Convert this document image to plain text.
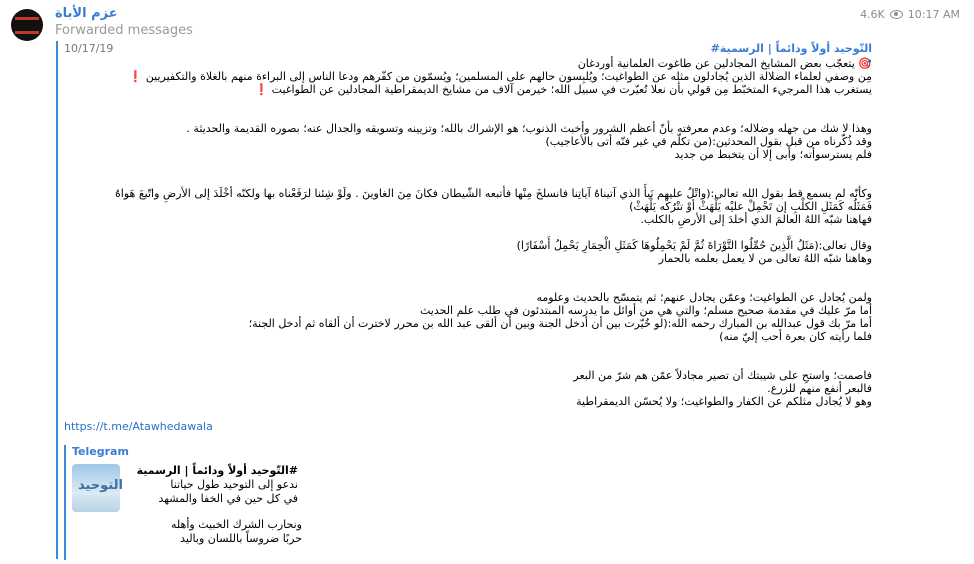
عزم الأباة
Forwarded messages
4.6K 10:17 AM
10/17/19	#التّوحيد أولاً ودائماً | الرسمية
🎯 يتعجّب بعض المشايخ المجادلين عن طاغوت العلمانية أوردغان
مِن وصفي لعلماء الضلالة الذين يُجادلون مثله عن الطواغيت؛ ويُلبِسون حالهم على المسلمين؛ ويُسمّون من كفّرهم ودعا الناس إلى البراءة منهم بالغلاة والتكفيريين ❗️
يستغرب هذا المرجيء المتخبّط مِن قولي بأن نعلا تُعيّرت في سبيل الله؛ خيرمن آلاف من مشايخ الديمقراطية المجادلين عن الطواغيت ❗️
وهذا لا شك من جهله وضلاله؛ وعدم معرفته بأنّ أعظم الشرور وأخبث الذنوب؛ هو الإشراك بالله؛ وتزيينه وتسويقه والجدال عنه؛ بصوره القديمة والحديثة .
وقد ذُكّرناه من قبل بقول المحدثين:(من تكلّم في غير فنّه أتى بالأعاجيب)
فلم يسترسوأته؛ وأبى إلا أن يتخبط من جديد
وكأنّه لم يسمع قط بقول الله تعالى:(واتْلُ عليهم نَبأَ الذي آتيناهُ آياتِنا فانسلخَ مِنْها فأتبعه الشّيطان فكانَ مِنَ الغاوينَ . ولَوْ شِئنا لرَفَعْناه بها ولكنّه أخْلَدَ إلى الأرضِ واتّبعَ هَواهُ
فَمَثَلُه كَمَثَلِ الكلْبِ إن تَحْمِلْ عليْه يَلْهَثْ أوْ تتْرُكْه يَلْهَثْ)
فهاهنا شبّه اللهُ العالمَ الذي أخلدَ إلى الأرضِ بالكلب.
وقال تعالى:(مَثَلُ الَّذِينَ حُمِّلُوا التَّوْرَاةَ ثُمَّ لَمْ يَحْمِلُوهَا كَمَثَلِ الْحِمَارِ يَحْمِلُ أَسْفَارًا)
وهاهنا شبّه اللهُ تعالى من لا يعمل بعلمه بالحمار
ولمن يُجادل عن الطواغيت؛ وعمّن يجادل عنهم؛ ثم يتمسّح بالحديث وعلومه
أما مرّ عليك في مقدمة صحيح مسلم؛ والتي هي من أوائل ما يدرسه المبتدئون في طلب علم الحديث
أما مرّ بك قول عبدالله بن المبارك رحمه الله:(لو خُيّرت بين أن أدخل الجنة وبين أن ألقى عبد الله بن محرر لاخترت أن ألقاه ثم أدخل الجنة؛
فلما رأيته كان بعرة أحب إليّ منه)
فاصمت؛ واستحِ على شيبتك أن تصير مجادلاً عمّن هم شرّ من البعر
فالبعر أنفع منهم للزرع.
وهو لا يُجادل مثلكم عن الكفار والطواغيت؛ ولا يُحسّن الديمقراطية
https://t.me/Atawhedawala
Telegram
التوحيد
#التّوحيد أولاً ودائماً | الرسمية
ندعو إلى التوحيد طول حياتنا
في كل حين في الخفا والمشهد
ونحارب الشرك الخبيث وأهله
حربًا ضروساً باللسان وباليد
